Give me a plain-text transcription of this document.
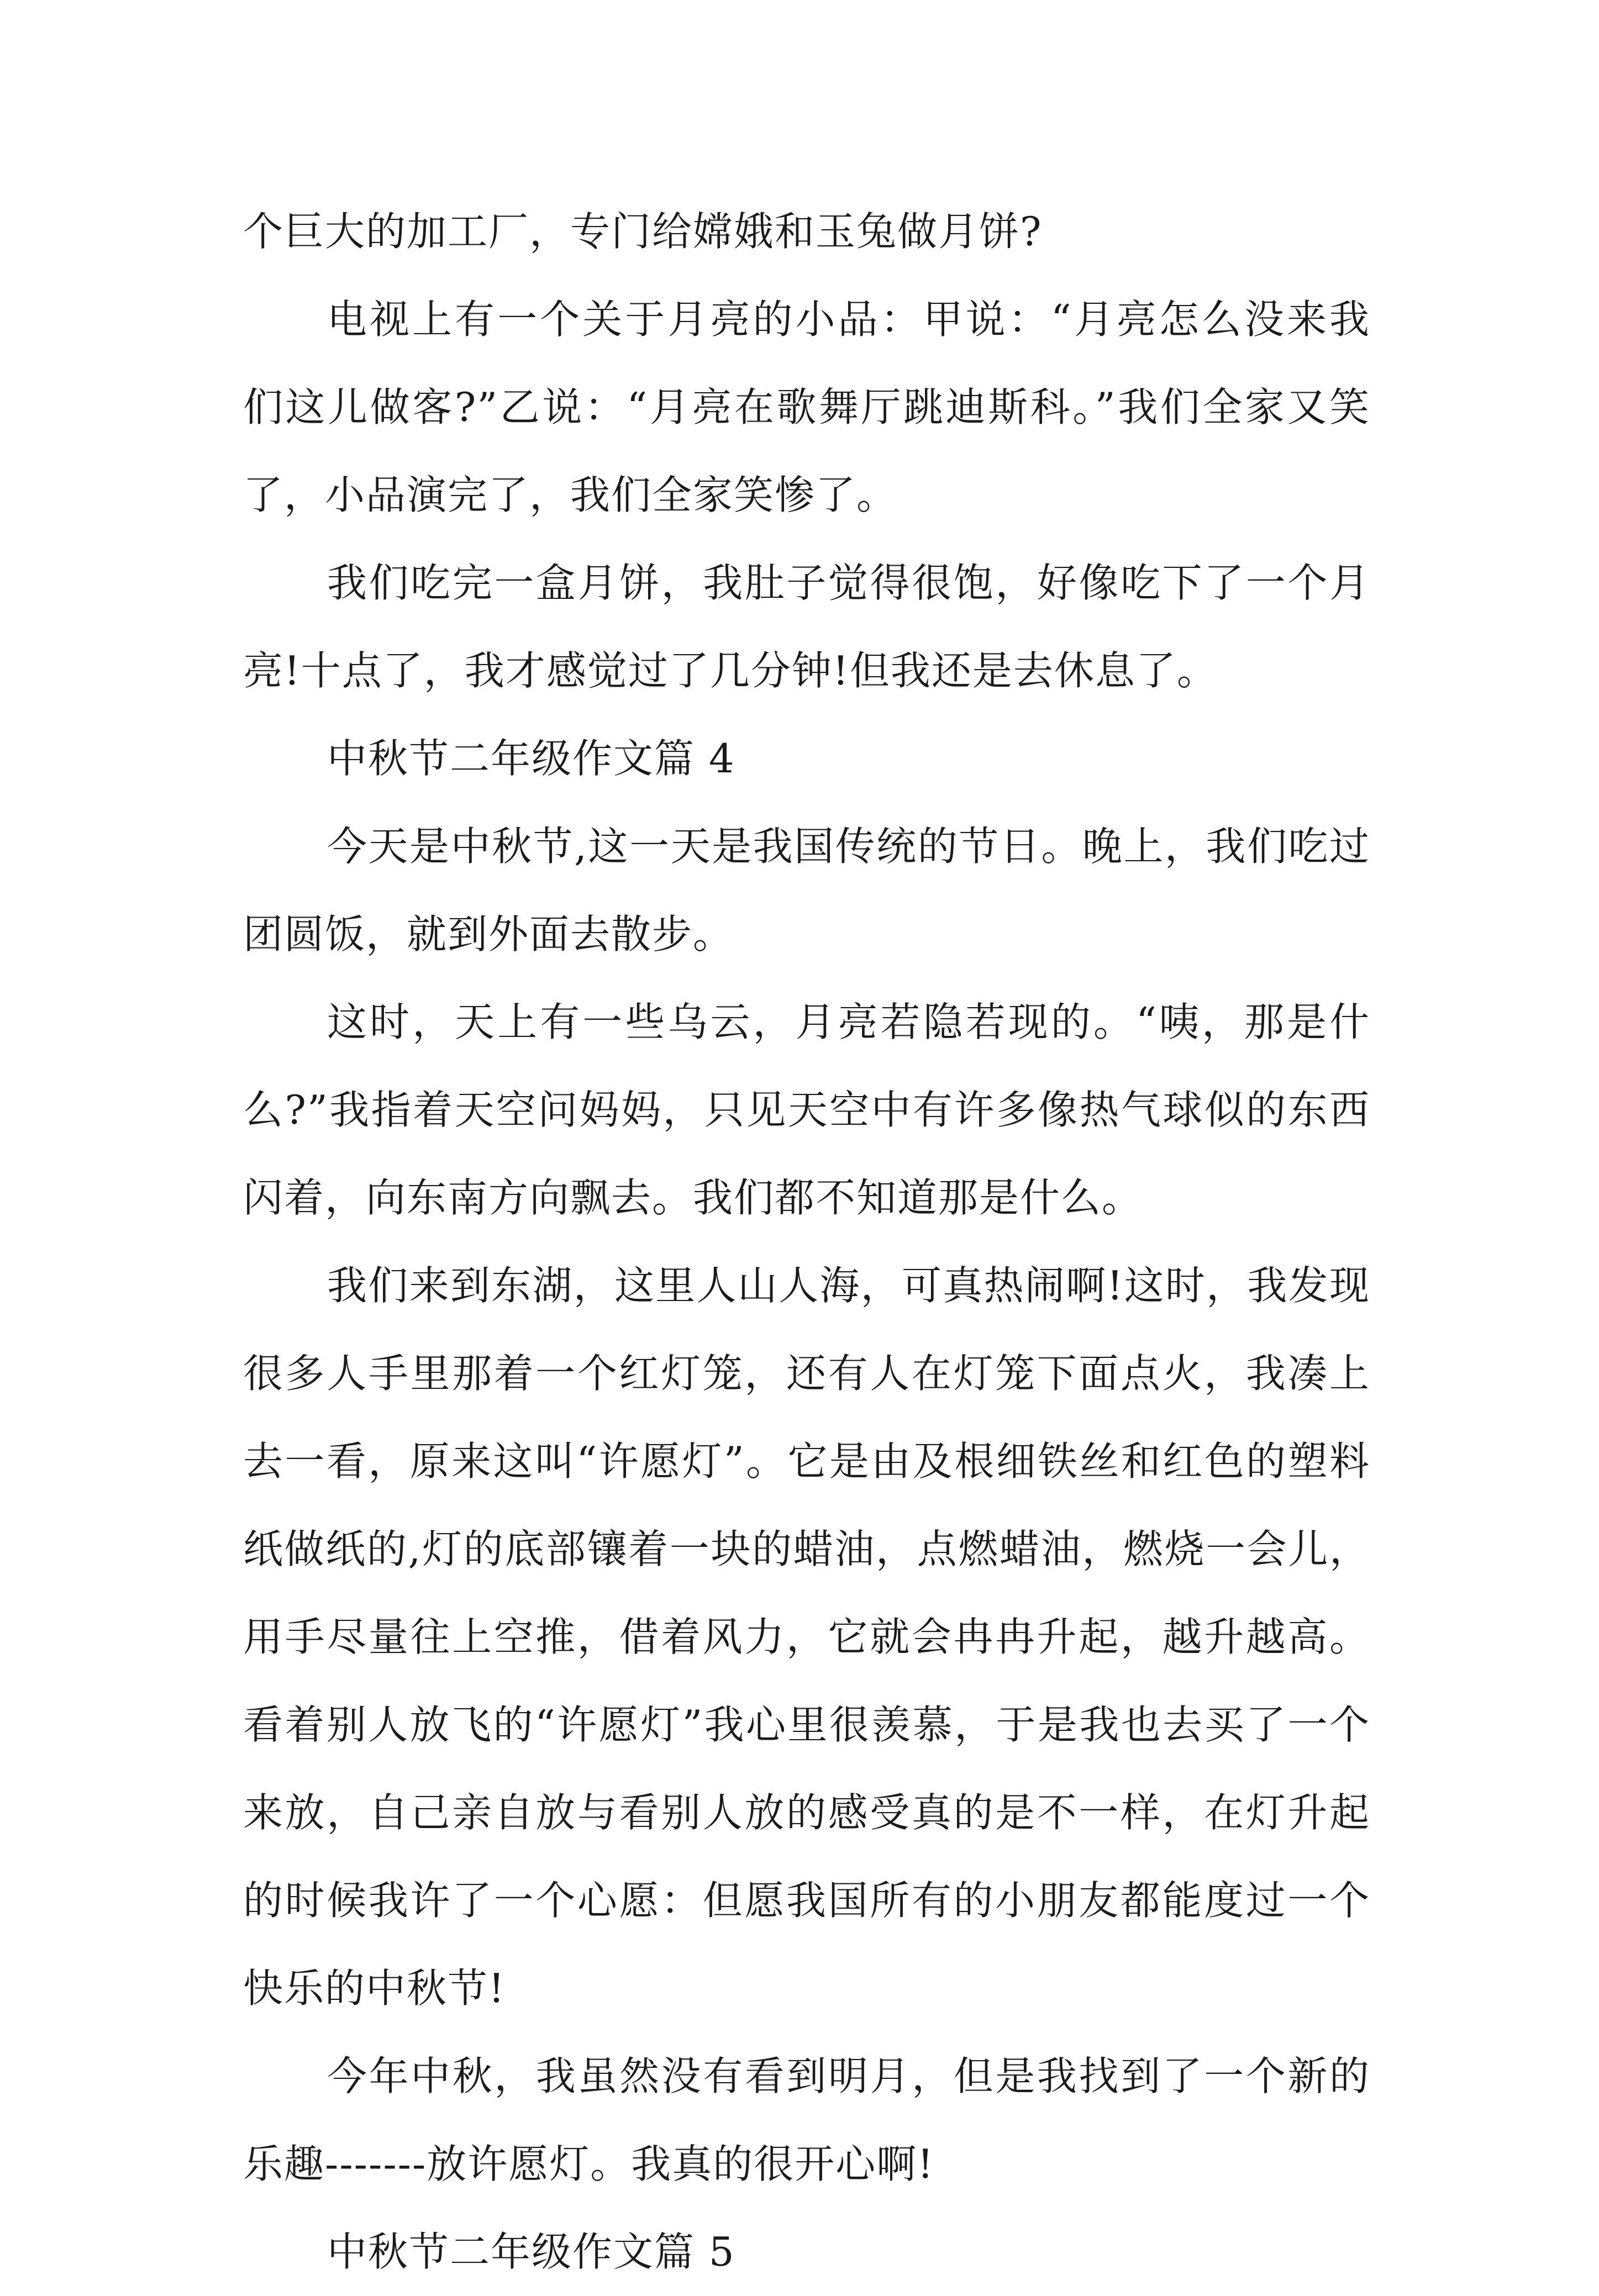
个巨大的加工厂，专门给嫦娥和玉兔做月饼?

电视上有一个关于月亮的小品：甲说：“月亮怎么没来我们这儿做客?”乙说：“月亮在歌舞厅跳迪斯科。”我们全家又笑了，小品演完了，我们全家笑惨了。

我们吃完一盒月饼，我肚子觉得很饱，好像吃下了一个月亮!十点了，我才感觉过了几分钟!但我还是去休息了。

中秋节二年级作文篇 4

今天是中秋节,这一天是我国传统的节日。晚上，我们吃过团圆饭，就到外面去散步。

这时，天上有一些乌云，月亮若隐若现的。“咦，那是什么?”我指着天空问妈妈，只见天空中有许多像热气球似的东西闪着，向东南方向飘去。我们都不知道那是什么。

我们来到东湖，这里人山人海，可真热闹啊!这时，我发现很多人手里那着一个红灯笼，还有人在灯笼下面点火，我凑上去一看，原来这叫“许愿灯”。它是由及根细铁丝和红色的塑料纸做纸的,灯的底部镶着一块的蜡油，点燃蜡油，燃烧一会儿，用手尽量往上空推，借着风力，它就会冉冉升起，越升越高。看着别人放飞的“许愿灯”我心里很羡慕，于是我也去买了一个来放，自己亲自放与看别人放的感受真的是不一样，在灯升起的时候我许了一个心愿：但愿我国所有的小朋友都能度过一个快乐的中秋节!

今年中秋，我虽然没有看到明月，但是我找到了一个新的乐趣-------放许愿灯。我真的很开心啊!

中秋节二年级作文篇 5
